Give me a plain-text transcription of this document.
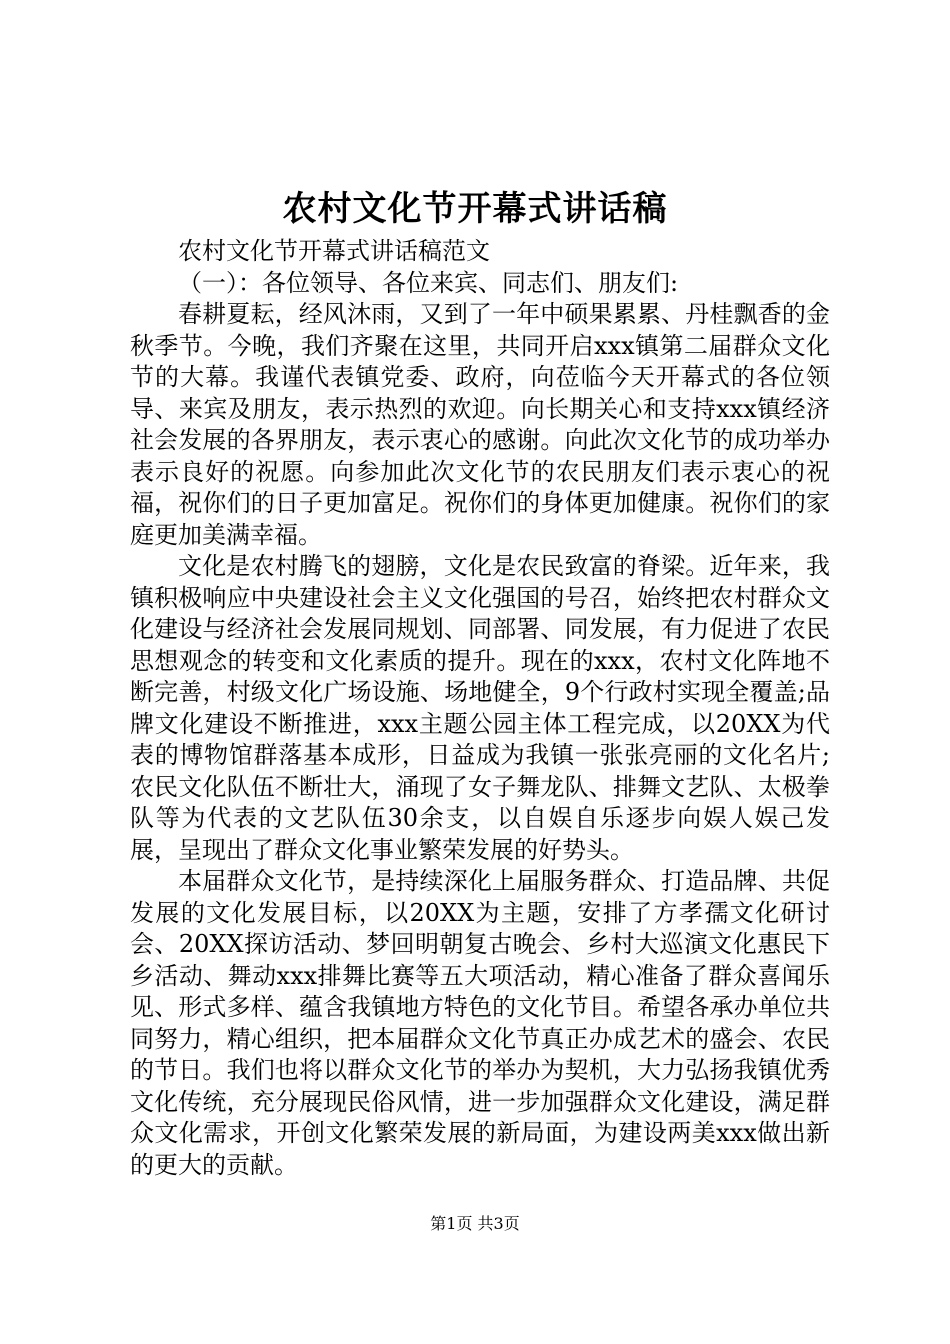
农村文化节开幕式讲话稿

农村文化节开幕式讲话稿范文

（一）：各位领导、各位来宾、同志们、朋友们:

春耕夏耘，经风沐雨，又到了一年中硕果累累、丹桂飘香的金秋季节。今晚，我们齐聚在这里，共同开启xxx镇第二届群众文化节的大幕。我谨代表镇党委、政府，向莅临今天开幕式的各位领导、来宾及朋友，表示热烈的欢迎。向长期关心和支持xxx镇经济社会发展的各界朋友，表示衷心的感谢。向此次文化节的成功举办表示良好的祝愿。向参加此次文化节的农民朋友们表示衷心的祝福，祝你们的日子更加富足。祝你们的身体更加健康。祝你们的家庭更加美满幸福。

文化是农村腾飞的翅膀，文化是农民致富的脊梁。近年来，我镇积极响应中央建设社会主义文化强国的号召，始终把农村群众文化建设与经济社会发展同规划、同部署、同发展，有力促进了农民思想观念的转变和文化素质的提升。现在的xxx，农村文化阵地不断完善，村级文化广场设施、场地健全，9个行政村实现全覆盖;品牌文化建设不断推进，xxx主题公园主体工程完成，以20XX为代表的博物馆群落基本成形，日益成为我镇一张张亮丽的文化名片;农民文化队伍不断壮大，涌现了女子舞龙队、排舞文艺队、太极拳队等为代表的文艺队伍30余支，以自娱自乐逐步向娱人娱己发展，呈现出了群众文化事业繁荣发展的好势头。

本届群众文化节，是持续深化上届服务群众、打造品牌、共促发展的文化发展目标，以20XX为主题，安排了方孝孺文化研讨会、20XX探访活动、梦回明朝复古晚会、乡村大巡演文化惠民下乡活动、舞动xxx排舞比赛等五大项活动，精心准备了群众喜闻乐见、形式多样、蕴含我镇地方特色的文化节目。希望各承办单位共同努力，精心组织，把本届群众文化节真正办成艺术的盛会、农民的节日。我们也将以群众文化节的举办为契机，大力弘扬我镇优秀文化传统，充分展现民俗风情，进一步加强群众文化建设，满足群众文化需求，开创文化繁荣发展的新局面，为建设两美xxx做出新的更大的贡献。

第1页 共3页
